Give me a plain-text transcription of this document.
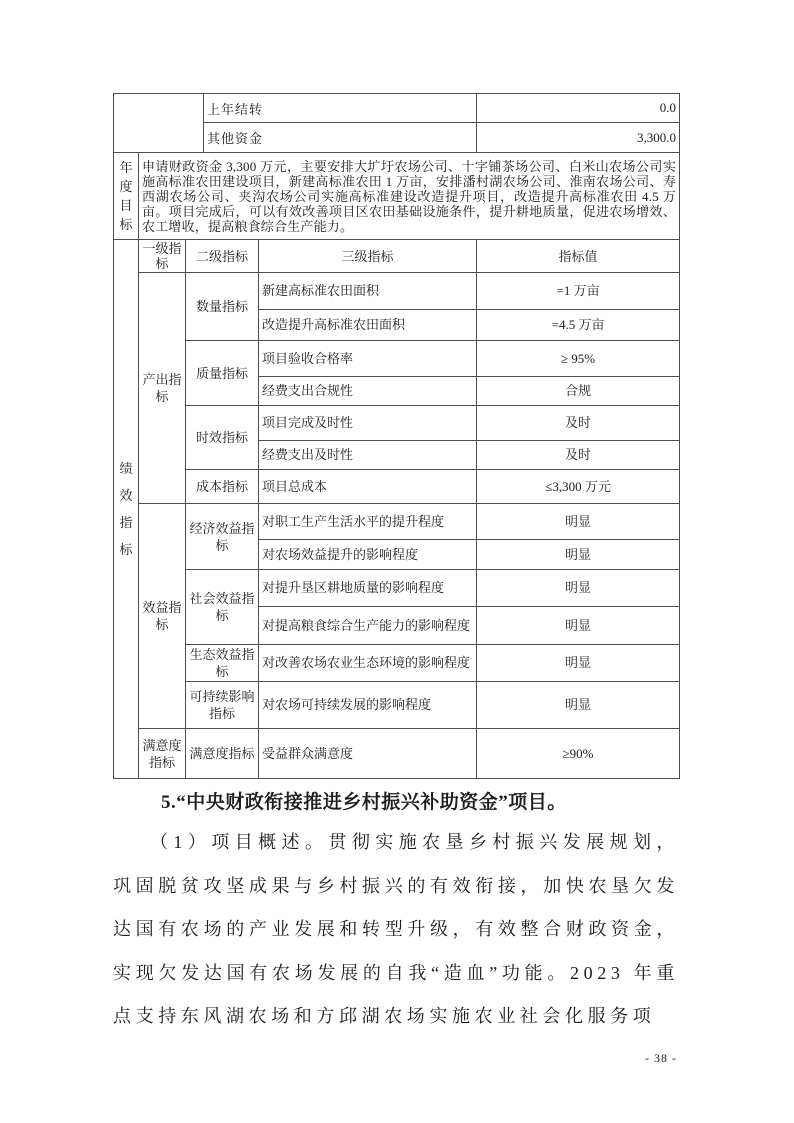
			上年结转		0.0
			其他资金		3,300.0
年度目标	申请财政资金 3,300 万元，主要安排大圹圩农场公司、十字铺茶场公司、白米山农场公司实施高标准农田建设项目，新建高标准农田 1 万亩，安排潘村湖农场公司、淮南农场公司、寿西湖农场公司、夹沟农场公司实施高标准建设改造提升项目，改造提升高标准农田 4.5 万亩。项目完成后，可以有效改善项目区农田基础设施条件，提升耕地质量，促进农场增效、农工增收，提高粮食综合生产能力。				
绩效指标	一级指标	二级指标		三级指标	指标值
	产出指标	数量指标		新建高标准农田面积	=1 万亩
				改造提升高标准农田面积	=4.5 万亩
		质量指标		项目验收合格率	≥ 95%
				经费支出合规性	合规
		时效指标		项目完成及时性	及时
				经费支出及时性	及时
		成本指标		项目总成本	≤3,300 万元
	效益指标	经济效益指标		对职工生产生活水平的提升程度	明显
				对农场效益提升的影响程度	明显
		社会效益指标		对提升垦区耕地质量的影响程度	明显
				对提高粮食综合生产能力的影响程度	明显
		生态效益指标		对改善农场农业生态环境的影响程度	明显
		可持续影响指标		对农场可持续发展的影响程度	明显
	满意度指标	满意度指标		受益群众满意度	≥90%
5.“中央财政衔接推进乡村振兴补助资金”项目。
（1）项目概述。贯彻实施农垦乡村振兴发展规划，巩固脱贫攻坚成果与乡村振兴的有效衔接，加快农垦欠发达国有农场的产业发展和转型升级，有效整合财政资金，实现欠发达国有农场发展的自我“造血”功能。2023 年重点支持东风湖农场和方邱湖农场实施农业社会化服务项
- 38 -
